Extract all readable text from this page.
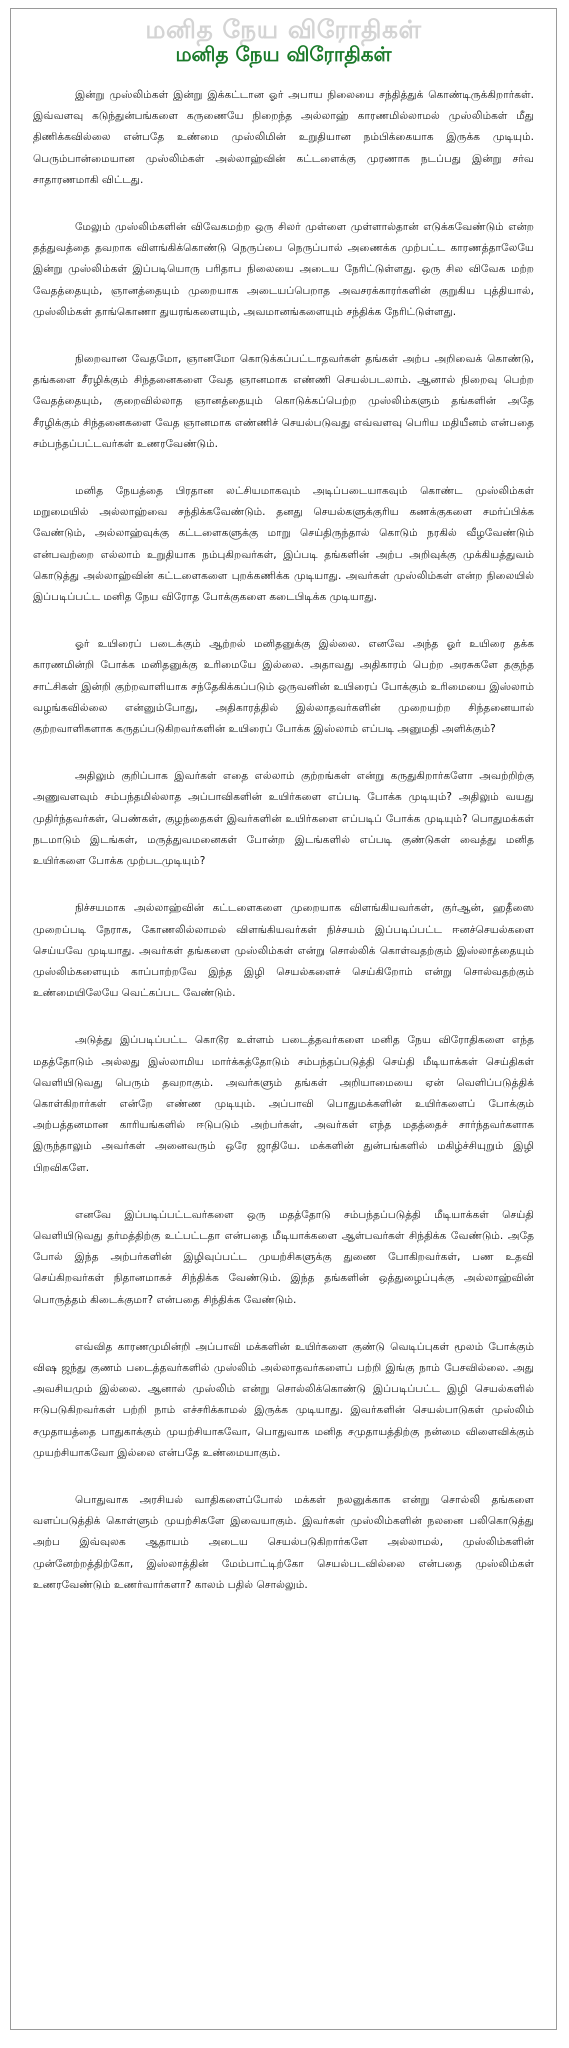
மனித நேய விரோதிகள்
மனித நேய விரோதிகள்

இன்று முஸ்லிம்கள் இன்று இக்கட்டான ஓர் அபாய நிலையை சந்தித்துக் கொண்டிருக்கிறார்கள். இவ்வளவு கடுந்துன்பங்களை கருணையே நிறைந்த அல்லாஹ் காரணமில்லாமல் முஸ்லிம்கள் மீது திணிக்கவில்லை என்பதே உண்மை முஸ்லிமின் உறுதியான நம்பிக்கையாக இருக்க முடியும். பெரும்பான்மையான முஸ்லிம்கள் அல்லாஹ்வின் கட்டளைக்கு முரணாக நடப்பது இன்று சர்வ சாதாரணமாகி விட்டது.

மேலும் முஸ்லிம்களின் விவேகமற்ற ஒரு சிலர் முள்ளை முள்ளால்தான் எடுக்கவேண்டும் என்ற தத்துவத்தை தவறாக விளங்கிக்கொண்டு நெருப்பை நெருப்பால் அணைக்க முற்பட்ட காரணத்தாலேயே இன்று முஸ்லிம்கள் இப்படியொரு பரிதாப நிலையை அடைய நேரிட்டுள்ளது. ஒரு சில விவேக மற்ற வேதத்தையும், ஞானத்தையும் முறையாக அடையப்பெறாத அவசரக்காரர்களின் குறுகிய புத்தியால், முஸ்லிம்கள் தாங்கொணா துயரங்களையும், அவமானங்களையும் சந்திக்க நேரிட்டுள்ளது.

நிறைவான வேதமோ, ஞானமோ கொடுக்கப்பட்டாதவர்கள் தங்கள் அற்ப அறிவைக் கொண்டு, தங்களை சீரழிக்கும் சிந்தனைகளை வேத ஞானமாக எண்ணி செயல்படலாம். ஆனால் நிறைவு பெற்ற வேதத்தையும், குறைவில்லாத ஞானத்தையும் கொடுக்கப்பெற்ற முஸ்லிம்களும் தங்களின் அதே சீரழிக்கும் சிந்தனைகளை வேத ஞானமாக எண்ணிச் செயல்படுவது எவ்வளவு பெரிய மதியீனம் என்பதை சம்பந்தப்பட்டவர்கள் உணரவேண்டும்.

மனித நேயத்தை பிரதான லட்சியமாகவும் அடிப்படையாகவும் கொண்ட முஸ்லிம்கள் மறுமையில் அல்லாஹ்வை சந்திக்கவேண்டும். தனது செயல்களுக்குரிய கணக்குகளை சமர்ப்பிக்க வேண்டும், அல்லாஹ்வுக்கு கட்டளைகளுக்கு மாறு செய்திருந்தால் கொடும் நரகில் வீழவேண்டும் என்பவற்றை எல்லாம் உறுதியாக நம்புகிறவர்கள், இப்படி தங்களின் அற்ப அறிவுக்கு முக்கியத்துவம் கொடுத்து அல்லாஹ்வின் கட்டளைகளை புறக்கணிக்க முடியாது. அவர்கள் முஸ்லிம்கள் என்ற நிலையில் இப்படிப்பட்ட மனித நேய விரோத போக்குகளை கடைபிடிக்க முடியாது.

ஓர் உயிரைப் படைக்கும் ஆற்றல் மனிதனுக்கு இல்லை. எனவே அந்த ஓர் உயிரை தக்க காரணமின்றி போக்க மனிதனுக்கு உரிமையே இல்லை. அதாவது அதிகாரம் பெற்ற அரசுகளே தகுந்த சாட்சிகள் இன்றி குற்றவாளியாக சந்தேகிக்கப்படும் ஒருவனின் உயிரைப் போக்கும் உரிமையை இஸ்லாம் வழங்கவில்லை என்னும்போது, அதிகாரத்தில் இல்லாதவர்களின் முறையற்ற சிந்தனையால் குற்றவாளிகளாக கருதப்படுகிறவர்களின் உயிரைப் போக்க இஸ்லாம் எப்படி அனுமதி அளிக்கும்?

அதிலும் குறிப்பாக இவர்கள் எதை எல்லாம் குற்றங்கள் என்று கருதுகிறார்களோ அவற்றிற்கு அணுவளவும் சம்பந்தமில்லாத அப்பாவிகளின் உயிர்களை எப்படி போக்க முடியும்? அதிலும் வயது முதிர்ந்தவர்கள், பெண்கள், குழந்தைகள் இவர்களின் உயிர்களை எப்படிப் போக்க முடியும்? பொதுமக்கள் நடமாடும் இடங்கள், மருத்துவமனைகள் போன்ற இடங்களில் எப்படி குண்டுகள் வைத்து மனித உயிர்களை போக்க முற்படமுடியும்?

நிச்சயமாக அல்லாஹ்வின் கட்டளைகளை முறையாக விளங்கியவர்கள், குர்ஆன், ஹதீஸை முறைப்படி நேராக, கோணலில்லாமல் விளங்கியவர்கள் நிச்சயம் இப்படிப்பட்ட ஈனச்செயல்களை செய்யவே முடியாது. அவர்கள் தங்களை முஸ்லிம்கள் என்று சொல்லிக் கொள்வதற்கும் இஸ்லாத்தையும் முஸ்லிம்களையும் காப்பாற்றவே இந்த இழி செயல்களைச் செய்கிறோம் என்று சொல்வதற்கும் உண்மையிலேயே வெட்கப்பட வேண்டும்.

அடுத்து இப்படிப்பட்ட கொடூர உள்ளம் படைத்தவர்களை மனித நேய விரோதிகளை எந்த மதத்தோடும் அல்லது இஸ்லாமிய மார்க்கத்தோடும் சம்பந்தப்படுத்தி செய்தி மீடியாக்கள் செய்திகள் வெளியிடுவது பெரும் தவறாகும். அவர்களும் தங்கள் அறியாமையை ஏன் வெளிப்படுத்திக் கொள்கிறார்கள் என்றே எண்ண முடியும். அப்பாவி பொதுமக்களின் உயிர்களைப் போக்கும் அற்பத்தனமான காரியங்களில் ஈடுபடும் அற்பர்கள், அவர்கள் எந்த மதத்தைச் சார்ந்தவர்களாக இருந்தாலும் அவர்கள் அனைவரும் ஒரே ஜாதியே. மக்களின் துன்பங்களில் மகிழ்ச்சியுறும் இழி பிறவிகளே.

எனவே இப்படிப்பட்டவர்களை ஒரு மதத்தோடு சம்பந்தப்படுத்தி மீடியாக்கள் செய்தி வெளியிடுவது தர்மத்திற்கு உட்பட்டதா என்பதை மீடியாக்களை ஆள்பவர்கள் சிந்திக்க வேண்டும். அதே போல் இந்த அற்பர்களின் இழிவுப்பட்ட முயற்சிகளுக்கு துணை போகிறவர்கள், பண உதவி செய்கிறவர்கள் நிதானமாகச் சிந்திக்க வேண்டும். இந்த தங்களின் ஒத்துழைப்புக்கு அல்லாஹ்வின் பொருத்தம் கிடைக்குமா? என்பதை சிந்திக்க வேண்டும்.

எவ்வித காரணமுமின்றி அப்பாவி மக்களின் உயிர்களை குண்டு வெடிப்புகள் மூலம் போக்கும் விஷ ஜந்து குணம் படைத்தவர்களில் முஸ்லிம் அல்லாதவர்களைப் பற்றி இங்கு நாம் பேசவில்லை. அது அவசியமும் இல்லை. ஆனால் முஸ்லிம் என்று சொல்லிக்கொண்டு இப்படிப்பட்ட இழி செயல்களில் ஈடுபடுகிறவர்கள் பற்றி நாம் எச்சரிக்காமல் இருக்க முடியாது. இவர்களின் செயல்பாடுகள் முஸ்லிம் சமுதாயத்தை பாதுகாக்கும் முயற்சியாகவோ, பொதுவாக மனித சமுதாயத்திற்கு நன்மை விளைவிக்கும் முயற்சியாகவோ இல்லை என்பதே உண்மையாகும்.

பொதுவாக அரசியல் வாதிகளைப்போல் மக்கள் நலனுக்காக என்று சொல்லி தங்களை வளப்படுத்திக் கொள்ளும் முயற்சிகளே இவையாகும். இவர்கள் முஸ்லிம்களின் நலனை பலிகொடுத்து அற்ப இவ்வுலக ஆதாயம் அடைய செயல்படுகிறார்களே அல்லாமல், முஸ்லிம்களின் முன்னேற்றத்திற்கோ, இஸ்லாத்தின் மேம்பாட்டிற்கோ செயல்படவில்லை என்பதை முஸ்லிம்கள் உணரவேண்டும் உணர்வார்களா? காலம் பதில் சொல்லும்.
